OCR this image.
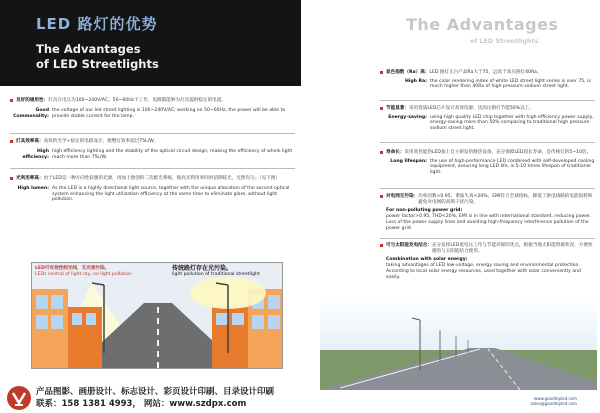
LED 路灯的优势
The Advantages
of LED Streetlights
良好的通用性：灯具在电压为100~240V/AC；50~60Hz下工作，电源都能够为灯具提供稳定的电流。
Good Commonality:
the voltage of our led street lighting is 100~240V/AC; working on 50~60Hz, the power will be able to provide stable current for the lamp.
灯具效率高：高效的光学+稳定的电路设计，使整灯效率超过75L/W。
High efficiency:
high efficiency lighting and the stability of the optical circuit design, making the efficiency of whole light reach more than 75L/W.
光利用率高：由于LED是一种方向性较强的光源，再加上独创的二次配光系统，使高光利用率同时消除眩光，光照均匀。（见下图）
High lumen: As the LED is a highly directional light source, together with the unique allocation of the second optical system enhancing the light utilization efficiency at the same time to eliminate glare, without light pollution.
LED可有效控制光线，无光害污染。
LEDs control of light ray, no light pollution
传统路灯存在光污染。
light pollution of traditional streetlight
产品图影、画册设计、标志设计、彩页设计印刷、目录设计印刷
联系：158 1381 4993， 网站：www.szdpx.com
The Advantages
of LED Streetlights
显色指数（Ra）高： LED 路灯正白产品Ra大于75，远高于高压钠灯40Ra。
High Ra: the color rendering index of white LED street light series is over 75, is much higher than 40Ra of high pressure sodium street light.
节能显著： 采用优质LED芯片设计高效电源，比高压钠灯节能50%以上。
Energy-saving: using high quality LED chip together with high efficiency power supply, energy-saving more than 50% comparing to traditional high pressure sodium street light.
寿命长： 采用高性能热LED加上自主研发的散热设备，充分保障LED超长寿命，是传统灯的5~10倍。
Long lifespan: the use of high-performance LED combined with self-developed cooling equipment, assuring long LED life, is 5-10 times lifespan of traditional light.
对电网无污染： 功率因数>0.95，谐波失真<20%，EMI符合全球指标，降低了供电线路的电能损耗和避免对电网的高频干扰污染。
For non-polluting power grid:
power factor>0.95, THD<20%, EMI is in line with international standard, reducing power. Loss of the power supply lines and avoiding high-frequency interference pollution of the power grid.
可与太阳能发电结合： 充分发挥LED低电压工作与节能环保的优点，根据当地太阳能资源状况，方便快捷的与太阳能结合使用。
Combination with solar energy:
taking advantages of LED low-voltage, energy saving and environmental protection. According to local solar energy resources, used together with solar conveniently and easily.
www.goodmpled.com
sales@goodmpled.com
